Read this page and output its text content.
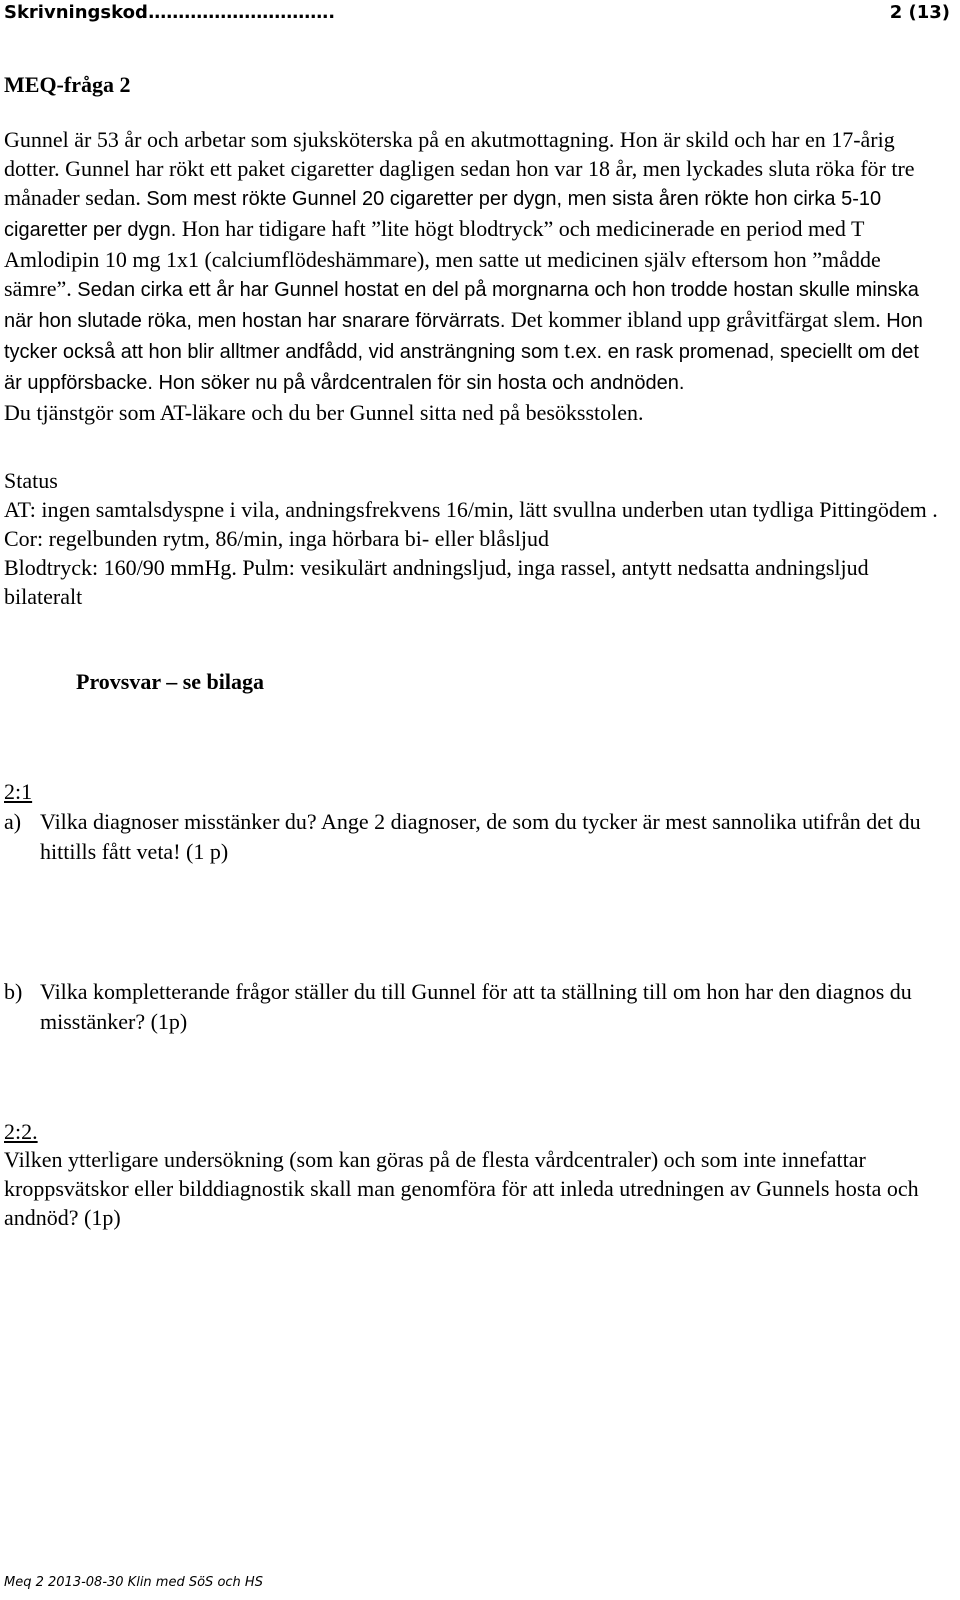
Skrivningskod
:………………………….	2 (13)
MEQ-fråga 2

Gunnel är 53 år och arbetar som sjuksköterska på en akutmottagning. Hon är skild och har en 17-årig dotter. Gunnel har rökt ett paket cigaretter dagligen sedan hon var 18 år, men lyckades sluta röka för tre månader sedan. Som mest rökte Gunnel 20 cigaretter per dygn, men sista åren rökte hon cirka 5-10 cigaretter per dygn. Hon har tidigare haft ”lite högt blodtryck” och medicinerade en period med T Amlodipin 10 mg 1x1 (calciumflödeshämmare), men satte ut medicinen själv eftersom hon ”mådde sämre”. Sedan cirka ett år har Gunnel hostat en del på morgnarna och hon trodde hostan skulle minska när hon slutade röka, men hostan har snarare förvärrats. Det kommer ibland upp gråvitfärgat slem. Hon tycker också att hon blir alltmer andfådd, vid ansträngning som t.ex. en rask promenad, speciellt om det är uppförsbacke. Hon söker nu på vårdcentralen för sin hosta och andnöden.
Du tjänstgör som AT-läkare och du ber Gunnel sitta ned på besöksstolen.

Status

AT: ingen samtalsdyspne i vila, andningsfrekvens 16/min, lätt svullna underben utan tydliga Pittingödem . Cor: regelbunden rytm, 86/min, inga hörbara bi- eller blåsljud
Blodtryck: 160/90 mmHg. Pulm: vesikulärt andningsljud, inga rassel, antytt nedsatta andningsljud bilateralt

Provsvar – se bilaga
2:1
a) Vilka diagnoser misstänker du? Ange 2 diagnoser, de som du tycker är mest sannolika utifrån det du hittills fått veta! (1 p)
b) Vilka kompletterande frågor ställer du till Gunnel för att ta ställning till om hon har den diagnos du misstänker? (1p)
2:2.

Vilken ytterligare undersökning (som kan göras på de flesta vårdcentraler) och som inte innefattar kroppsvätskor eller bilddiagnostik skall man genomföra för att inleda utredningen av Gunnels hosta och andnöd? (1p)

Meq 2 2013-08-30 Klin med SöS och HS
